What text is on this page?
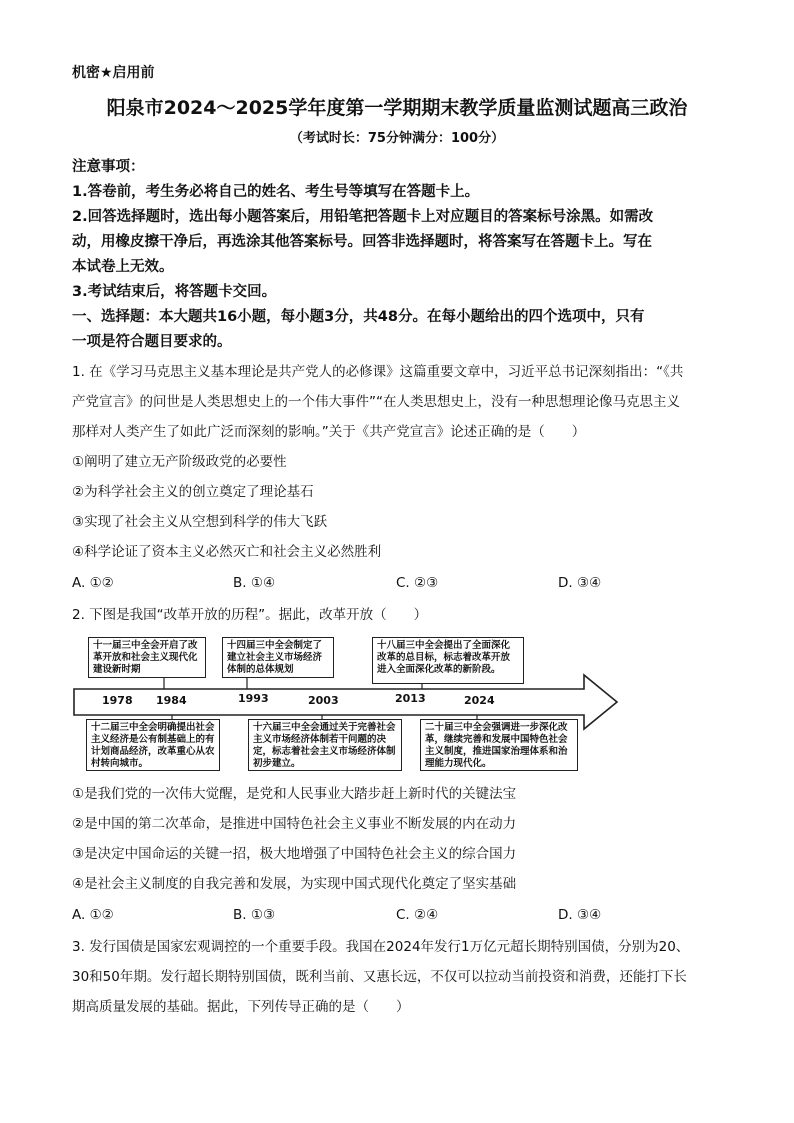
机密★启用前
阳泉市2024～2025学年度第一学期期末教学质量监测试题高三政治
（考试时长：75分钟满分：100分）
注意事项：
1.答卷前，考生务必将自己的姓名、考生号等填写在答题卡上。
2.回答选择题时，选出每小题答案后，用铅笔把答题卡上对应题目的答案标号涂黑。如需改
动，用橡皮擦干净后，再选涂其他答案标号。回答非选择题时，将答案写在答题卡上。写在
本试卷上无效。
3.考试结束后，将答题卡交回。
一、选择题：本大题共16小题，每小题3分，共48分。在每小题给出的四个选项中，只有
一项是符合题目要求的。
1. 在《学习马克思主义基本理论是共产党人的必修课》这篇重要文章中，习近平总书记深刻指出：“《共
产党宣言》的问世是人类思想史上的一个伟大事件”“在人类思想史上，没有一种思想理论像马克思主义
那样对人类产生了如此广泛而深刻的影响。”关于《共产党宣言》论述正确的是（　　）
①阐明了建立无产阶级政党的必要性
②为科学社会主义的创立奠定了理论基石
③实现了社会主义从空想到科学的伟大飞跃
④科学论证了资本主义必然灭亡和社会主义必然胜利
A. ①②	B. ①④	C. ②③	D. ③④
2. 下图是我国“改革开放的历程”。据此，改革开放（　　）
1978 1984	1993	2003	2013	2024
十一届三中全会开启了改革开放和社会主义现代化建设新时期
十四届三中全会制定了建立社会主义市场经济体制的总体规划
十八届三中全会提出了全面深化改革的总目标，标志着改革开放进入全面深化改革的新阶段。
十二届三中全会明确提出社会主义经济是公有制基础上的有计划商品经济，改革重心从农村转向城市。
十六届三中全会通过关于完善社会主义市场经济体制若干问题的决定，标志着社会主义市场经济体制初步建立。
二十届三中全会强调进一步深化改革，继续完善和发展中国特色社会主义制度，推进国家治理体系和治理能力现代化。
①是我们党的一次伟大觉醒，是党和人民事业大踏步赶上新时代的关键法宝
②是中国的第二次革命，是推进中国特色社会主义事业不断发展的内在动力
③是决定中国命运的关键一招，极大地增强了中国特色社会主义的综合国力
④是社会主义制度的自我完善和发展，为实现中国式现代化奠定了坚实基础
A. ①②	B. ①③	C. ②④	D. ③④
3. 发行国债是国家宏观调控的一个重要手段。我国在2024年发行1万亿元超长期特别国债，分别为20、
30和50年期。发行超长期特别国债，既利当前、又惠长远，不仅可以拉动当前投资和消费，还能打下长
期高质量发展的基础。据此，下列传导正确的是（　　）
